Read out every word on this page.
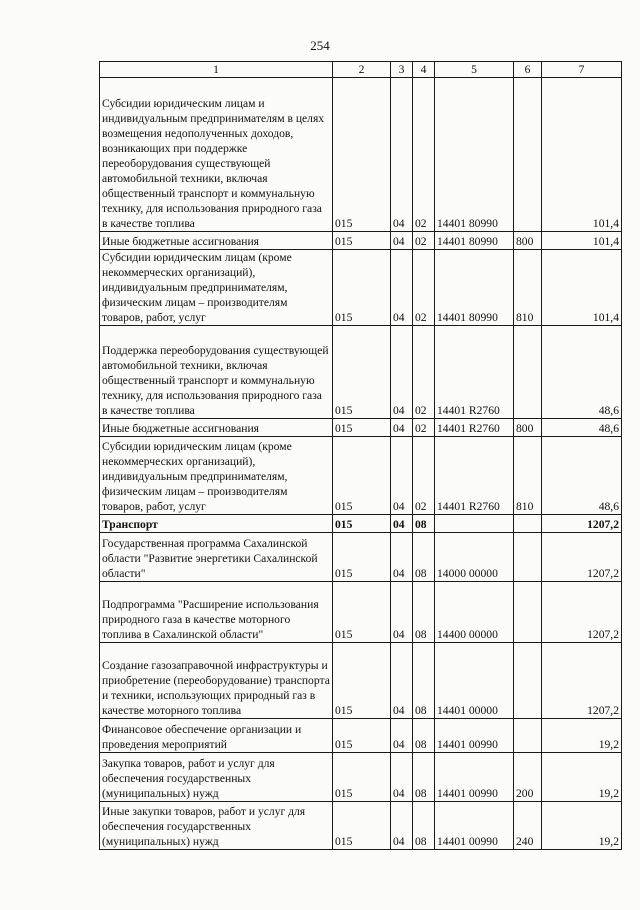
254
1	2	3	4	5	6	7
Субсидии юридическим лицам и индивидуальным предпринимателям в целях возмещения недополученных доходов, возникающих при поддержке переоборудования существующей автомобильной техники, включая общественный транспорт и коммунальную технику, для использования природного газа в качестве топлива	015	04	02	14401 80990		101,4
Иные бюджетные ассигнования	015	04	02	14401 80990	800	101,4
Субсидии юридическим лицам (кроме некоммерческих организаций), индивидуальным предпринимателям, физическим лицам – производителям товаров, работ, услуг	015	04	02	14401 80990	810	101,4
Поддержка переоборудования существующей автомобильной техники, включая общественный транспорт и коммунальную технику, для использования природного газа в качестве топлива	015	04	02	14401 R2760		48,6
Иные бюджетные ассигнования	015	04	02	14401 R2760	800	48,6
Субсидии юридическим лицам (кроме некоммерческих организаций), индивидуальным предпринимателям, физическим лицам – производителям товаров, работ, услуг	015	04	02	14401 R2760	810	48,6
Транспорт	015	04	08			1207,2
Государственная программа Сахалинской области "Развитие энергетики Сахалинской области"	015	04	08	14000 00000		1207,2
Подпрограмма "Расширение использования природного газа в качестве моторного топлива в Сахалинской области"	015	04	08	14400 00000		1207,2
Создание газозаправочной инфраструктуры и приобретение (переоборудование) транспорта и техники, использующих природный газ в качестве моторного топлива	015	04	08	14401 00000		1207,2
Финансовое обеспечение организации и проведения мероприятий	015	04	08	14401 00990		19,2
Закупка товаров, работ и услуг для обеспечения государственных (муниципальных) нужд	015	04	08	14401 00990	200	19,2
Иные закупки товаров, работ и услуг для обеспечения государственных (муниципальных) нужд	015	04	08	14401 00990	240	19,2
